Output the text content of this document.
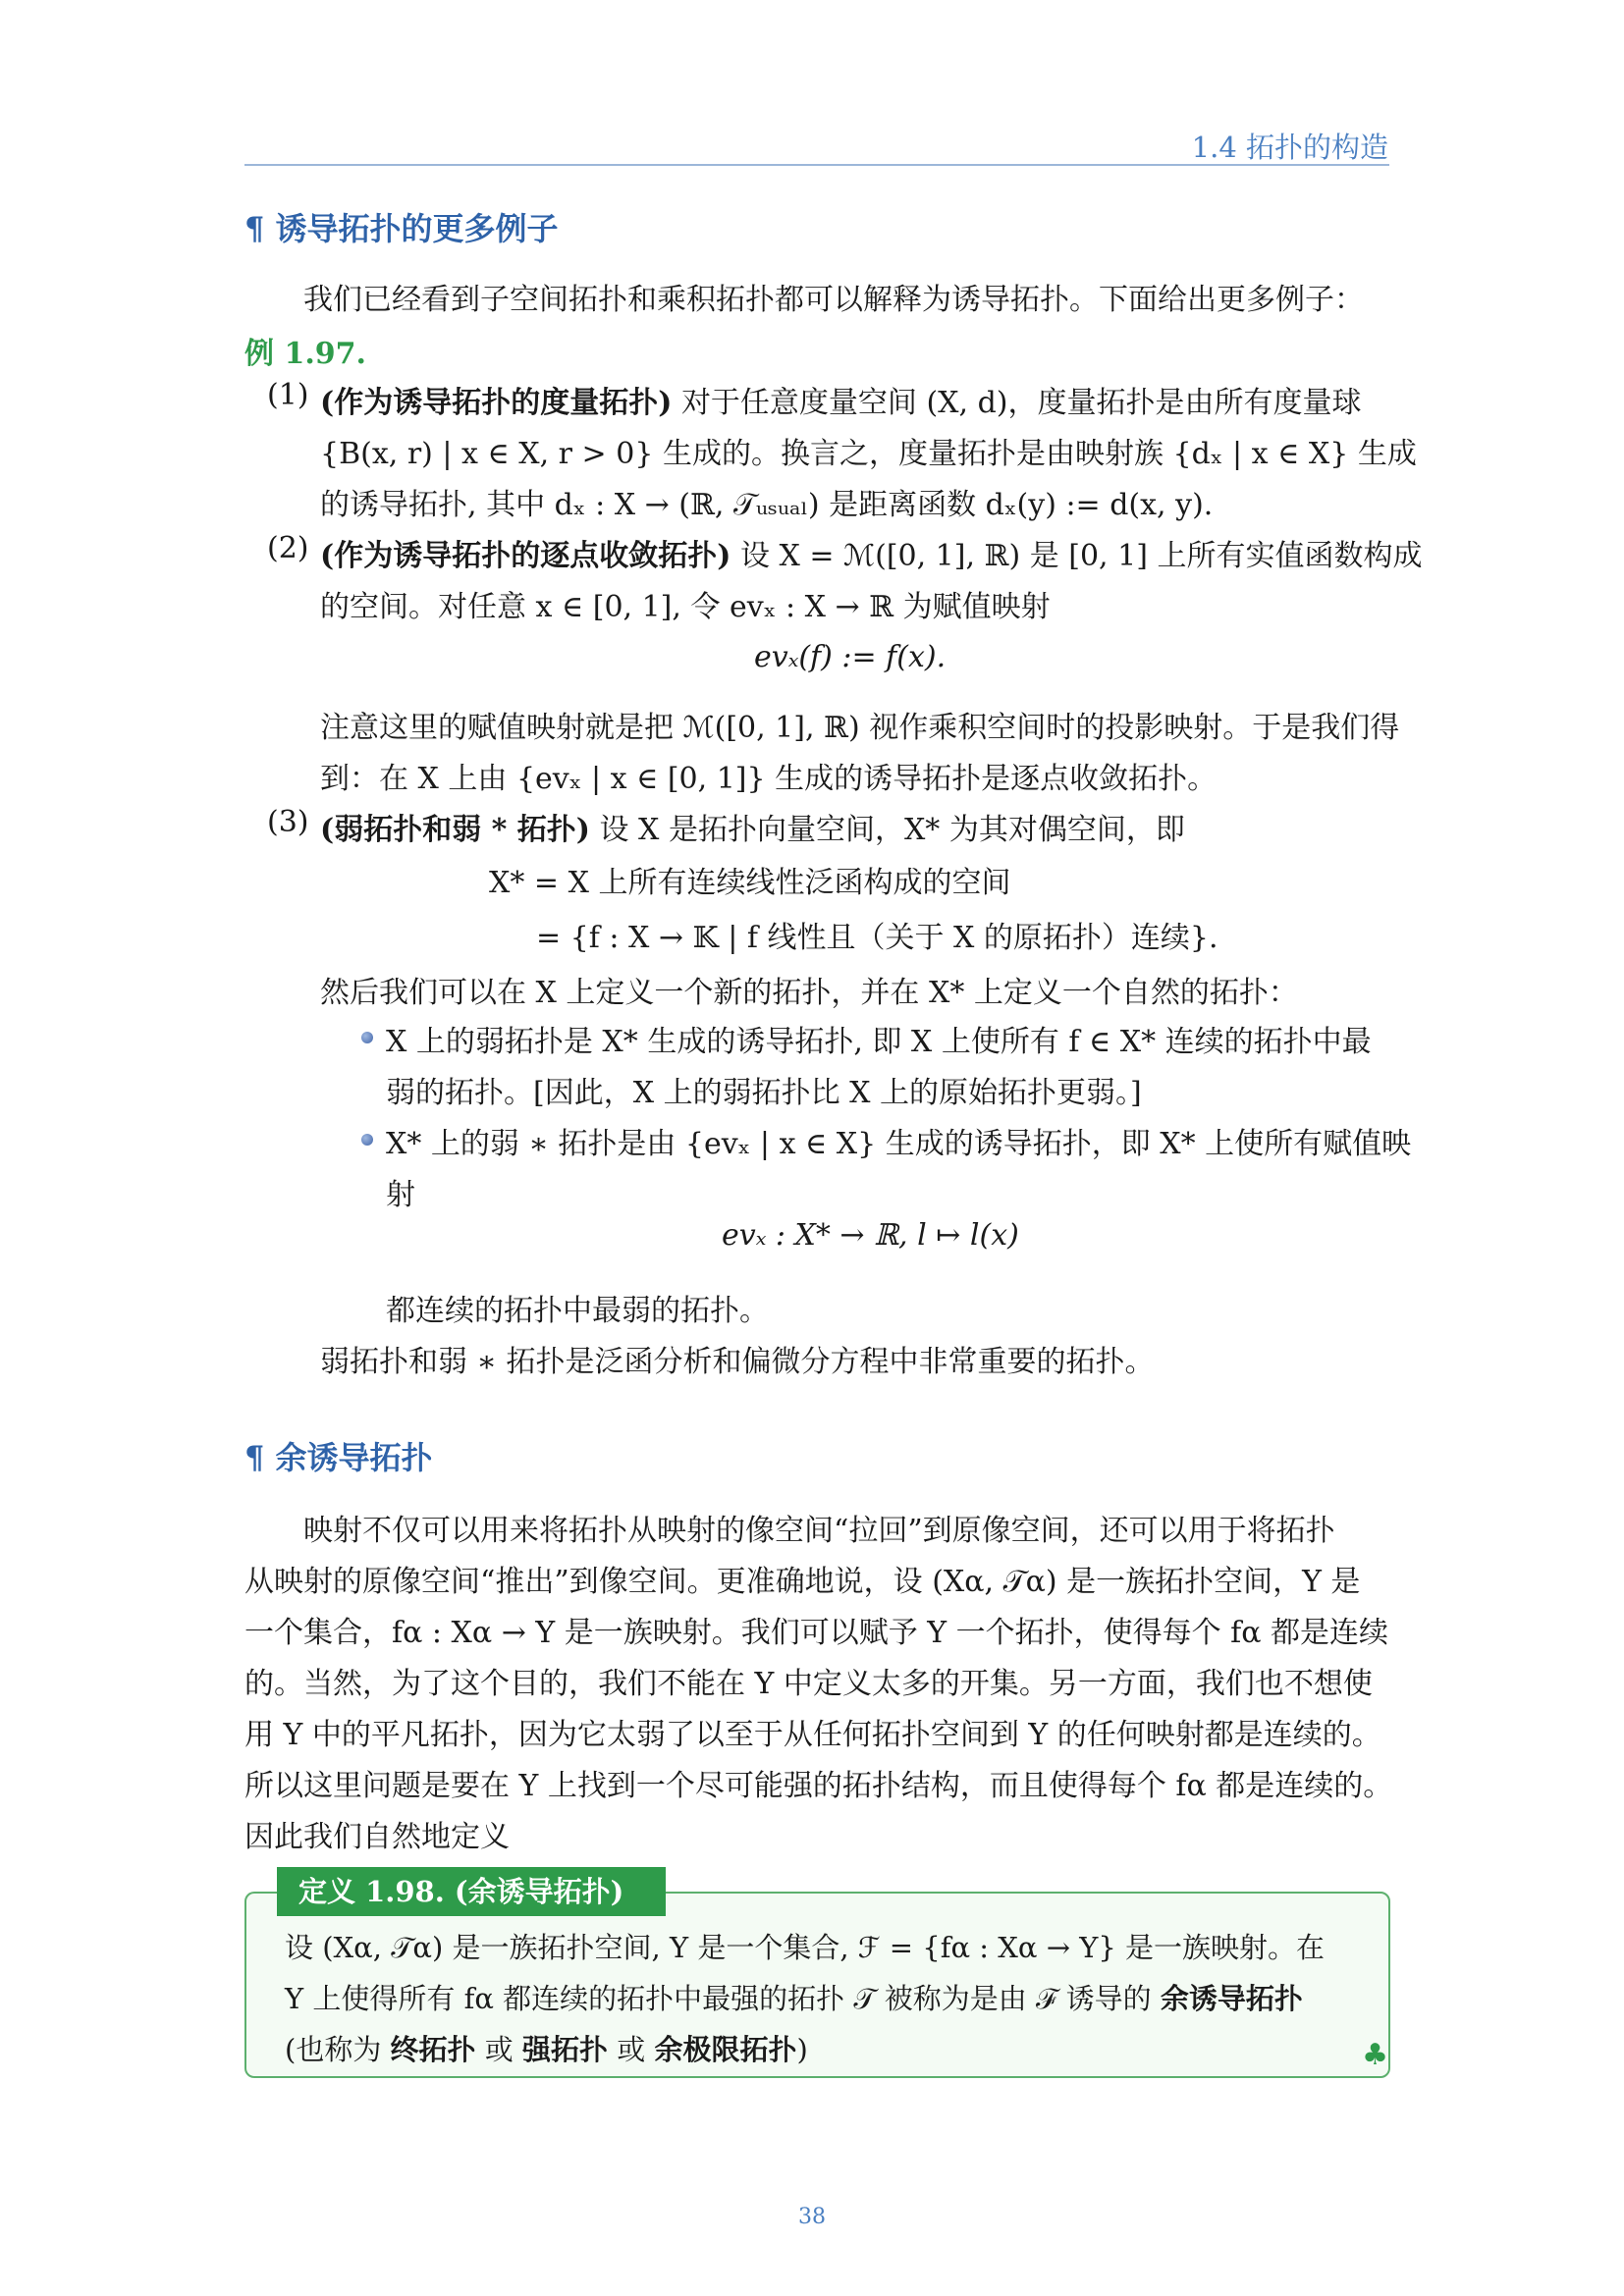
1.4 拓扑的构造
¶ 诱导拓扑的更多例子
我们已经看到子空间拓扑和乘积拓扑都可以解释为诱导拓扑。下面给出更多例子：
例 1.97.
(1) (作为诱导拓扑的度量拓扑) 对于任意度量空间 (X, d)，度量拓扑是由所有度量球
{B(x, r) | x ∈ X, r > 0} 生成的。换言之，度量拓扑是由映射族 {dₓ | x ∈ X} 生成
的诱导拓扑, 其中 dₓ : X → (ℝ, 𝒯ᵤₛᵤₐₗ) 是距离函数 dₓ(y) := d(x, y).
(2) (作为诱导拓扑的逐点收敛拓扑) 设 X = ℳ([0, 1], ℝ) 是 [0, 1] 上所有实值函数构成
的空间。对任意 x ∈ [0, 1], 令 evₓ : X → ℝ 为赋值映射
evₓ(f) := f(x).
注意这里的赋值映射就是把 ℳ([0, 1], ℝ) 视作乘积空间时的投影映射。于是我们得
到：在 X 上由 {evₓ | x ∈ [0, 1]} 生成的诱导拓扑是逐点收敛拓扑。
(3) (弱拓扑和弱 * 拓扑) 设 X 是拓扑向量空间，X* 为其对偶空间，即
X* = X 上所有连续线性泛函构成的空间
= {f : X → 𝕂 | f 线性且（关于 X 的原拓扑）连续}.
然后我们可以在 X 上定义一个新的拓扑，并在 X* 上定义一个自然的拓扑：
X 上的弱拓扑是 X* 生成的诱导拓扑, 即 X 上使所有 f ∈ X* 连续的拓扑中最
弱的拓扑。[因此，X 上的弱拓扑比 X 上的原始拓扑更弱。]
X* 上的弱 ∗ 拓扑是由 {evₓ | x ∈ X} 生成的诱导拓扑，即 X* 上使所有赋值映
射
evₓ : X* → ℝ, l ↦ l(x)
都连续的拓扑中最弱的拓扑。
弱拓扑和弱 ∗ 拓扑是泛函分析和偏微分方程中非常重要的拓扑。
¶ 余诱导拓扑
映射不仅可以用来将拓扑从映射的像空间“拉回”到原像空间，还可以用于将拓扑
从映射的原像空间“推出”到像空间。更准确地说，设 (Xα, 𝒯α) 是一族拓扑空间，Y 是
一个集合，fα : Xα → Y 是一族映射。我们可以赋予 Y 一个拓扑，使得每个 fα 都是连续
的。当然，为了这个目的，我们不能在 Y 中定义太多的开集。另一方面，我们也不想使
用 Y 中的平凡拓扑，因为它太弱了以至于从任何拓扑空间到 Y 的任何映射都是连续的。
所以这里问题是要在 Y 上找到一个尽可能强的拓扑结构，而且使得每个 fα 都是连续的。
因此我们自然地定义
定义 1.98. (余诱导拓扑)
设 (Xα, 𝒯α) 是一族拓扑空间, Y 是一个集合, ℱ = {fα : Xα → Y} 是一族映射。在
Y 上使得所有 fα 都连续的拓扑中最强的拓扑 𝒯 被称为是由 ℱ 诱导的 余诱导拓扑
(也称为 终拓扑 或 强拓扑 或 余极限拓扑)	♣
38
